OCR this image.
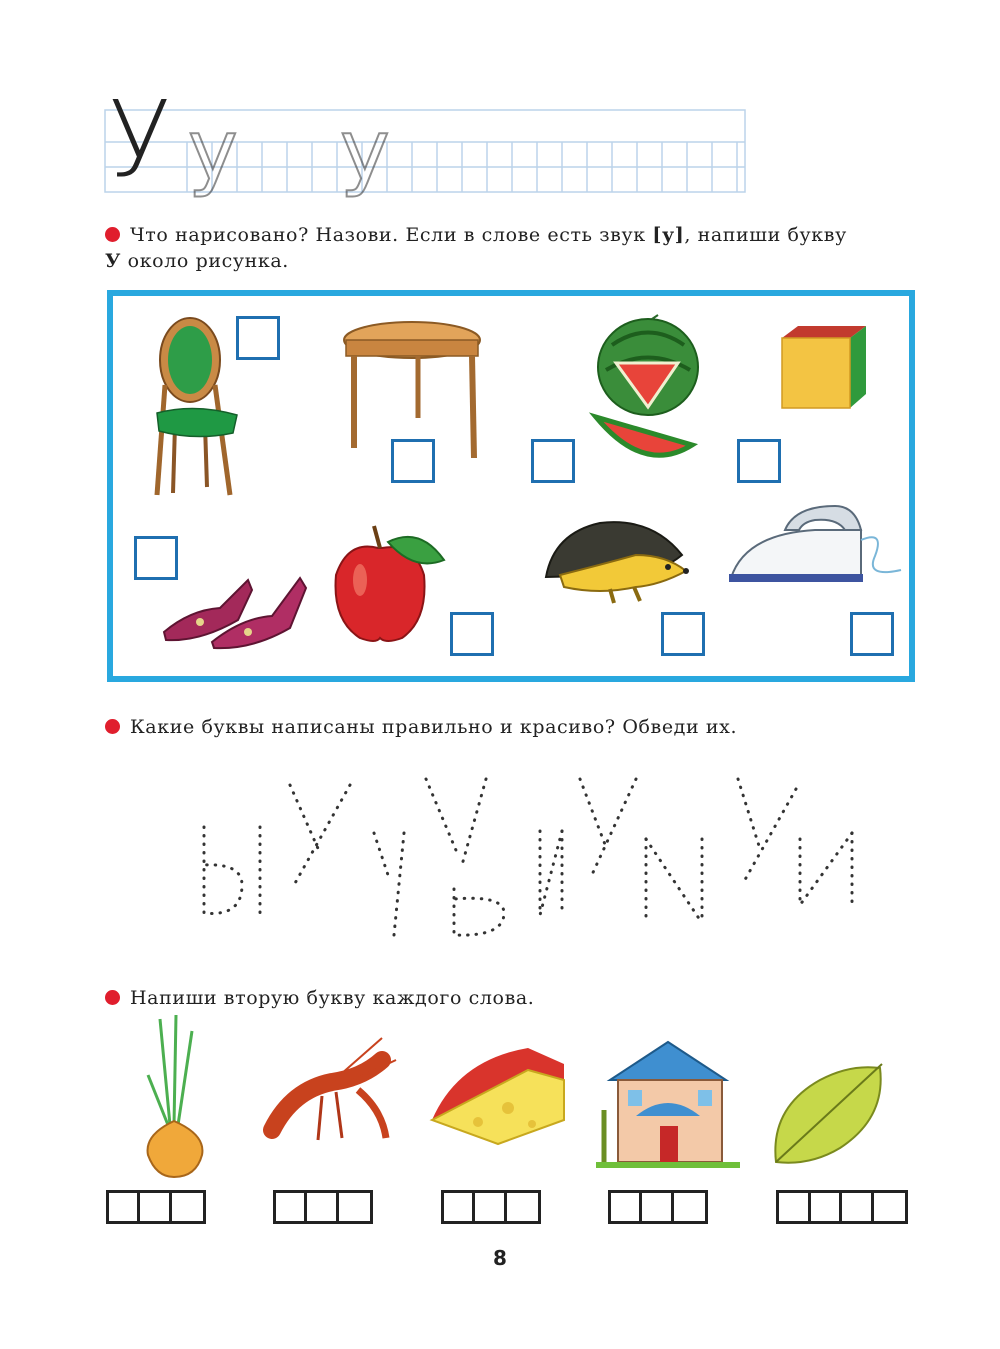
У у у
Что нарисовано? Назови. Если в слове есть звук [у], напиши букву
У около рисунка.
Какие буквы написаны правильно и красиво? Обведи их.
Напиши вторую букву каждого слова.
8
